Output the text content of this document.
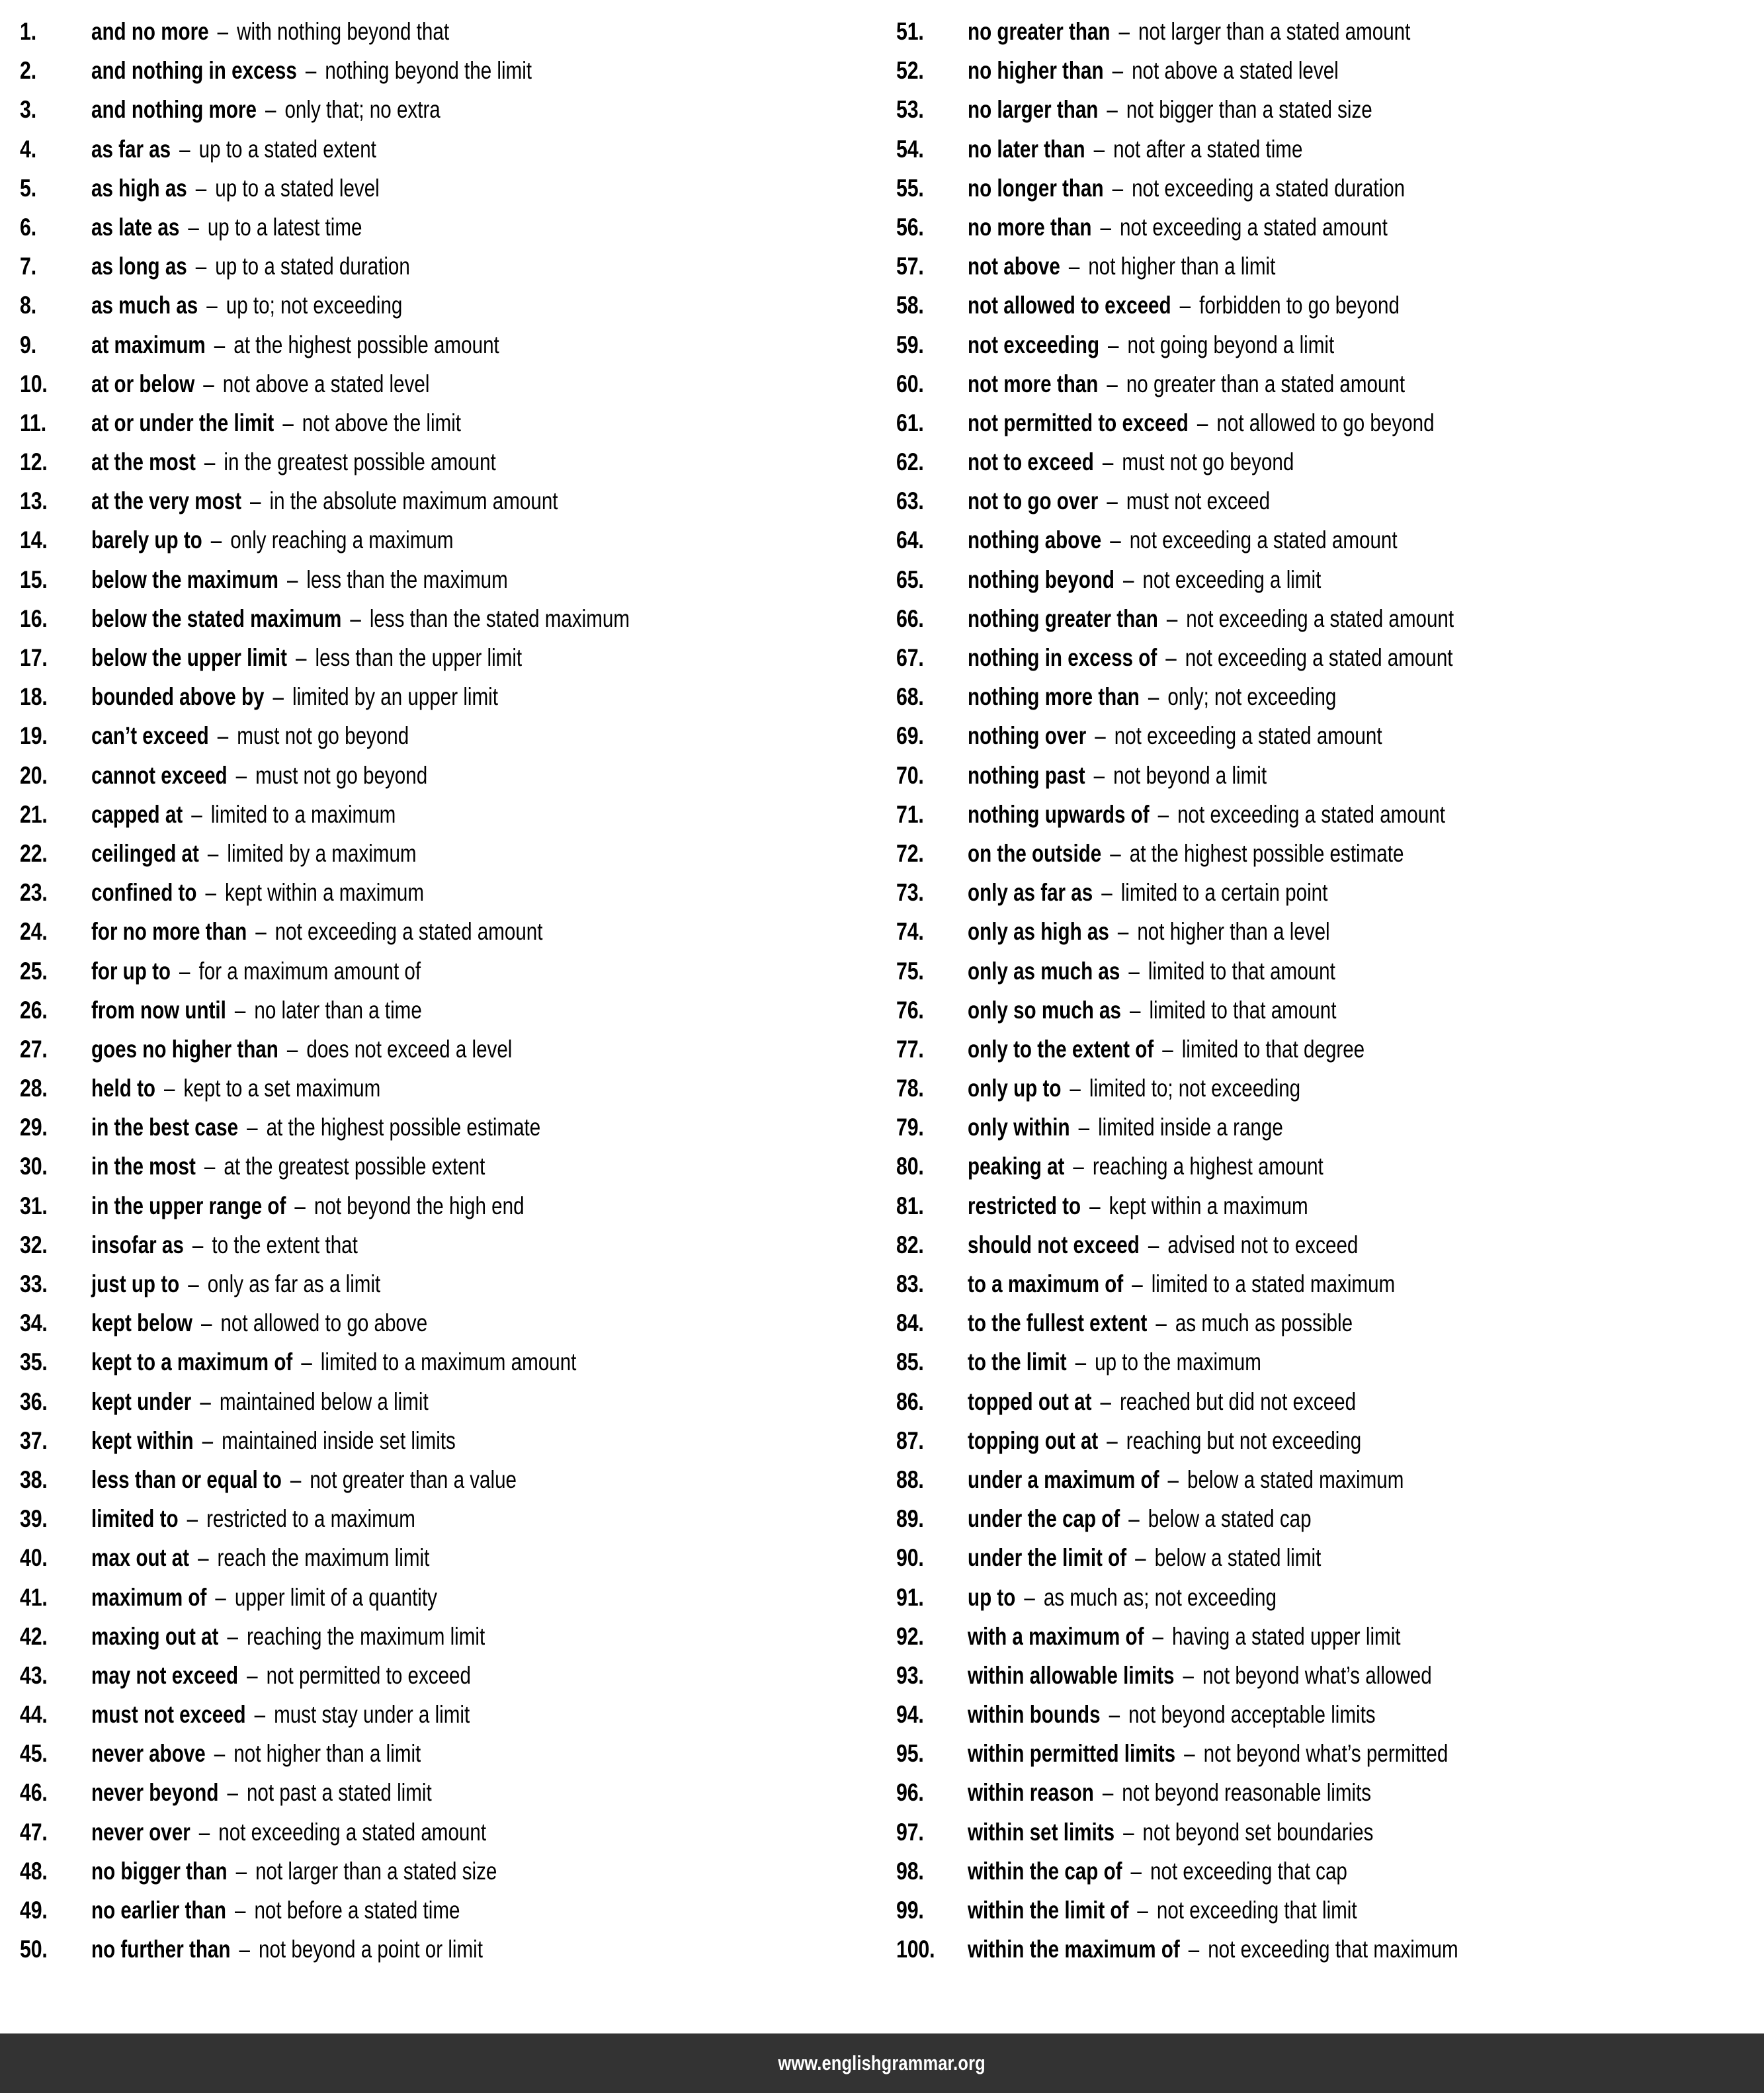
1.	and no more – with nothing beyond that
2.	and nothing in excess – nothing beyond the limit
3.	and nothing more – only that; no extra
4.	as far as – up to a stated extent
5.	as high as – up to a stated level
6.	as late as – up to a latest time
7.	as long as – up to a stated duration
8.	as much as – up to; not exceeding
9.	at maximum – at the highest possible amount
10.	at or below – not above a stated level
11.	at or under the limit – not above the limit
12.	at the most – in the greatest possible amount
13.	at the very most – in the absolute maximum amount
14.	barely up to – only reaching a maximum
15.	below the maximum – less than the maximum
16.	below the stated maximum – less than the stated maximum
17.	below the upper limit – less than the upper limit
18.	bounded above by – limited by an upper limit
19.	can’t exceed – must not go beyond
20.	cannot exceed – must not go beyond
21.	capped at – limited to a maximum
22.	ceilinged at – limited by a maximum
23.	confined to – kept within a maximum
24.	for no more than – not exceeding a stated amount
25.	for up to – for a maximum amount of
26.	from now until – no later than a time
27.	goes no higher than – does not exceed a level
28.	held to – kept to a set maximum
29.	in the best case – at the highest possible estimate
30.	in the most – at the greatest possible extent
31.	in the upper range of – not beyond the high end
32.	insofar as – to the extent that
33.	just up to – only as far as a limit
34.	kept below – not allowed to go above
35.	kept to a maximum of – limited to a maximum amount
36.	kept under – maintained below a limit
37.	kept within – maintained inside set limits
38.	less than or equal to – not greater than a value
39.	limited to – restricted to a maximum
40.	max out at – reach the maximum limit
41.	maximum of – upper limit of a quantity
42.	maxing out at – reaching the maximum limit
43.	may not exceed – not permitted to exceed
44.	must not exceed – must stay under a limit
45.	never above – not higher than a limit
46.	never beyond – not past a stated limit
47.	never over – not exceeding a stated amount
48.	no bigger than – not larger than a stated size
49.	no earlier than – not before a stated time
50.	no further than – not beyond a point or limit
51.	no greater than – not larger than a stated amount
52.	no higher than – not above a stated level
53.	no larger than – not bigger than a stated size
54.	no later than – not after a stated time
55.	no longer than – not exceeding a stated duration
56.	no more than – not exceeding a stated amount
57.	not above – not higher than a limit
58.	not allowed to exceed – forbidden to go beyond
59.	not exceeding – not going beyond a limit
60.	not more than – no greater than a stated amount
61.	not permitted to exceed – not allowed to go beyond
62.	not to exceed – must not go beyond
63.	not to go over – must not exceed
64.	nothing above – not exceeding a stated amount
65.	nothing beyond – not exceeding a limit
66.	nothing greater than – not exceeding a stated amount
67.	nothing in excess of – not exceeding a stated amount
68.	nothing more than – only; not exceeding
69.	nothing over – not exceeding a stated amount
70.	nothing past – not beyond a limit
71.	nothing upwards of – not exceeding a stated amount
72.	on the outside – at the highest possible estimate
73.	only as far as – limited to a certain point
74.	only as high as – not higher than a level
75.	only as much as – limited to that amount
76.	only so much as – limited to that amount
77.	only to the extent of – limited to that degree
78.	only up to – limited to; not exceeding
79.	only within – limited inside a range
80.	peaking at – reaching a highest amount
81.	restricted to – kept within a maximum
82.	should not exceed – advised not to exceed
83.	to a maximum of – limited to a stated maximum
84.	to the fullest extent – as much as possible
85.	to the limit – up to the maximum
86.	topped out at – reached but did not exceed
87.	topping out at – reaching but not exceeding
88.	under a maximum of – below a stated maximum
89.	under the cap of – below a stated cap
90.	under the limit of – below a stated limit
91.	up to – as much as; not exceeding
92.	with a maximum of – having a stated upper limit
93.	within allowable limits – not beyond what’s allowed
94.	within bounds – not beyond acceptable limits
95.	within permitted limits – not beyond what’s permitted
96.	within reason – not beyond reasonable limits
97.	within set limits – not beyond set boundaries
98.	within the cap of – not exceeding that cap
99.	within the limit of – not exceeding that limit
100.	within the maximum of – not exceeding that maximum
www.englishgrammar.org
